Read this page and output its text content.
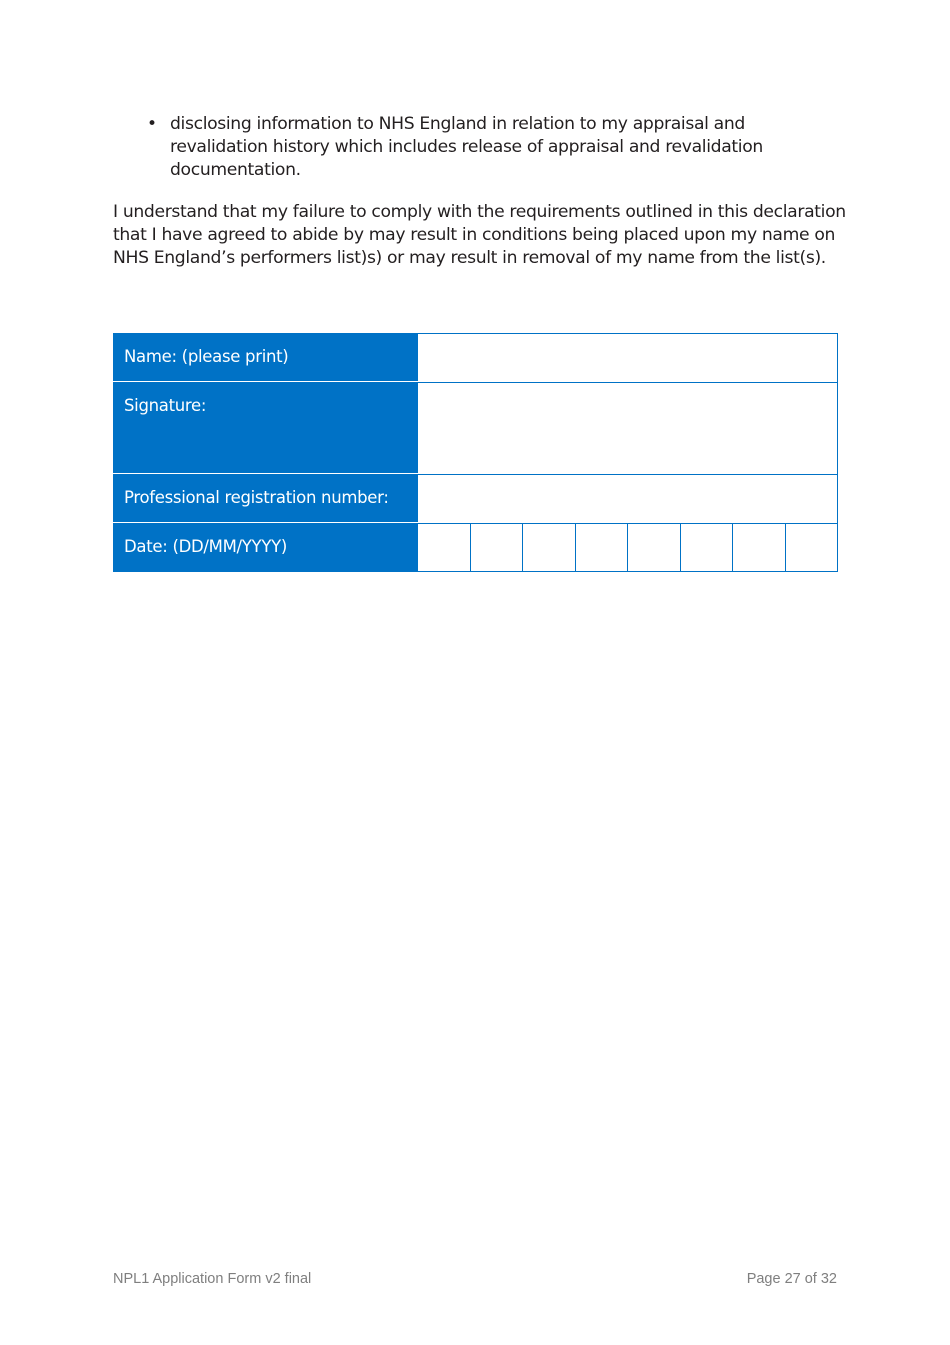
• disclosing information to NHS England in relation to my appraisal and
revalidation history which includes release of appraisal and revalidation
documentation.

I understand that my failure to comply with the requirements outlined in this declaration
that I have agreed to abide by may result in conditions being placed upon my name on
NHS England’s performers list)s) or may result in removal of my name from the list(s).

Name: (please print)
Signature:
Professional registration number:
Date: (DD/MM/YYYY)
NPL1 Application Form v2 final	Page 27 of 32
